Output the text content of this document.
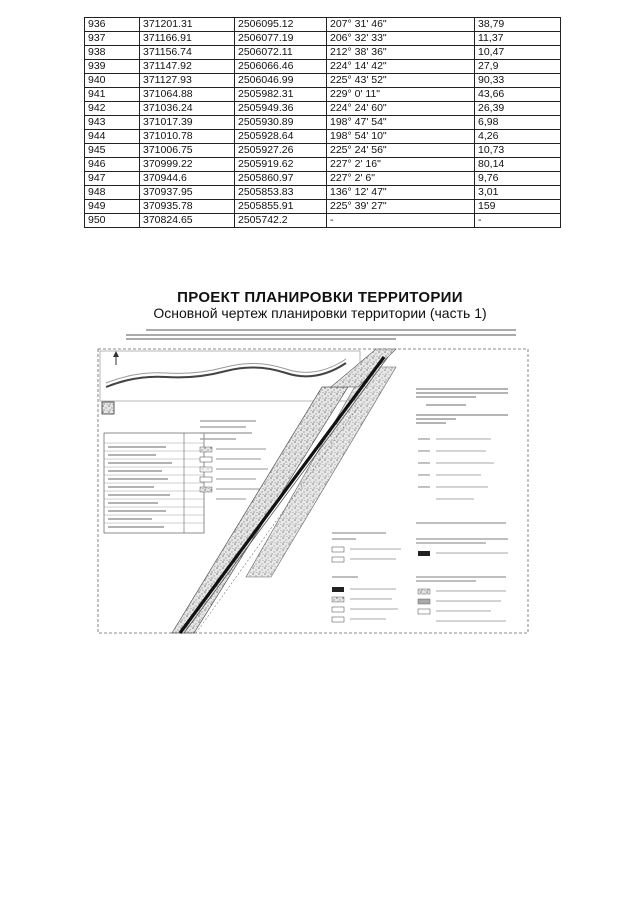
936	371201.31	2506095.12	207° 31' 46"	38,79
937	371166.91	2506077.19	206° 32' 33"	11,37
938	371156.74	2506072.11	212° 38' 36"	10,47
939	371147.92	2506066.46	224° 14' 42"	27,9
940	371127.93	2506046.99	225° 43' 52"	90,33
941	371064.88	2505982.31	229° 0' 11"	43,66
942	371036.24	2505949.36	224° 24' 60"	26,39
943	371017.39	2505930.89	198° 47' 54"	6,98
944	371010.78	2505928.64	198° 54' 10"	4,26
945	371006.75	2505927.26	225° 24' 56"	10,73
946	370999.22	2505919.62	227° 2' 16"	80,14
947	370944.6	2505860.97	227° 2' 6"	9,76
948	370937.95	2505853.83	136° 12' 47"	3,01
949	370935.78	2505855.91	225° 39' 27"	159
950	370824.65	2505742.2	-	-
ПРОЕКТ ПЛАНИРОВКИ ТЕРРИТОРИИ
Основной чертеж планировки территории (часть 1)
